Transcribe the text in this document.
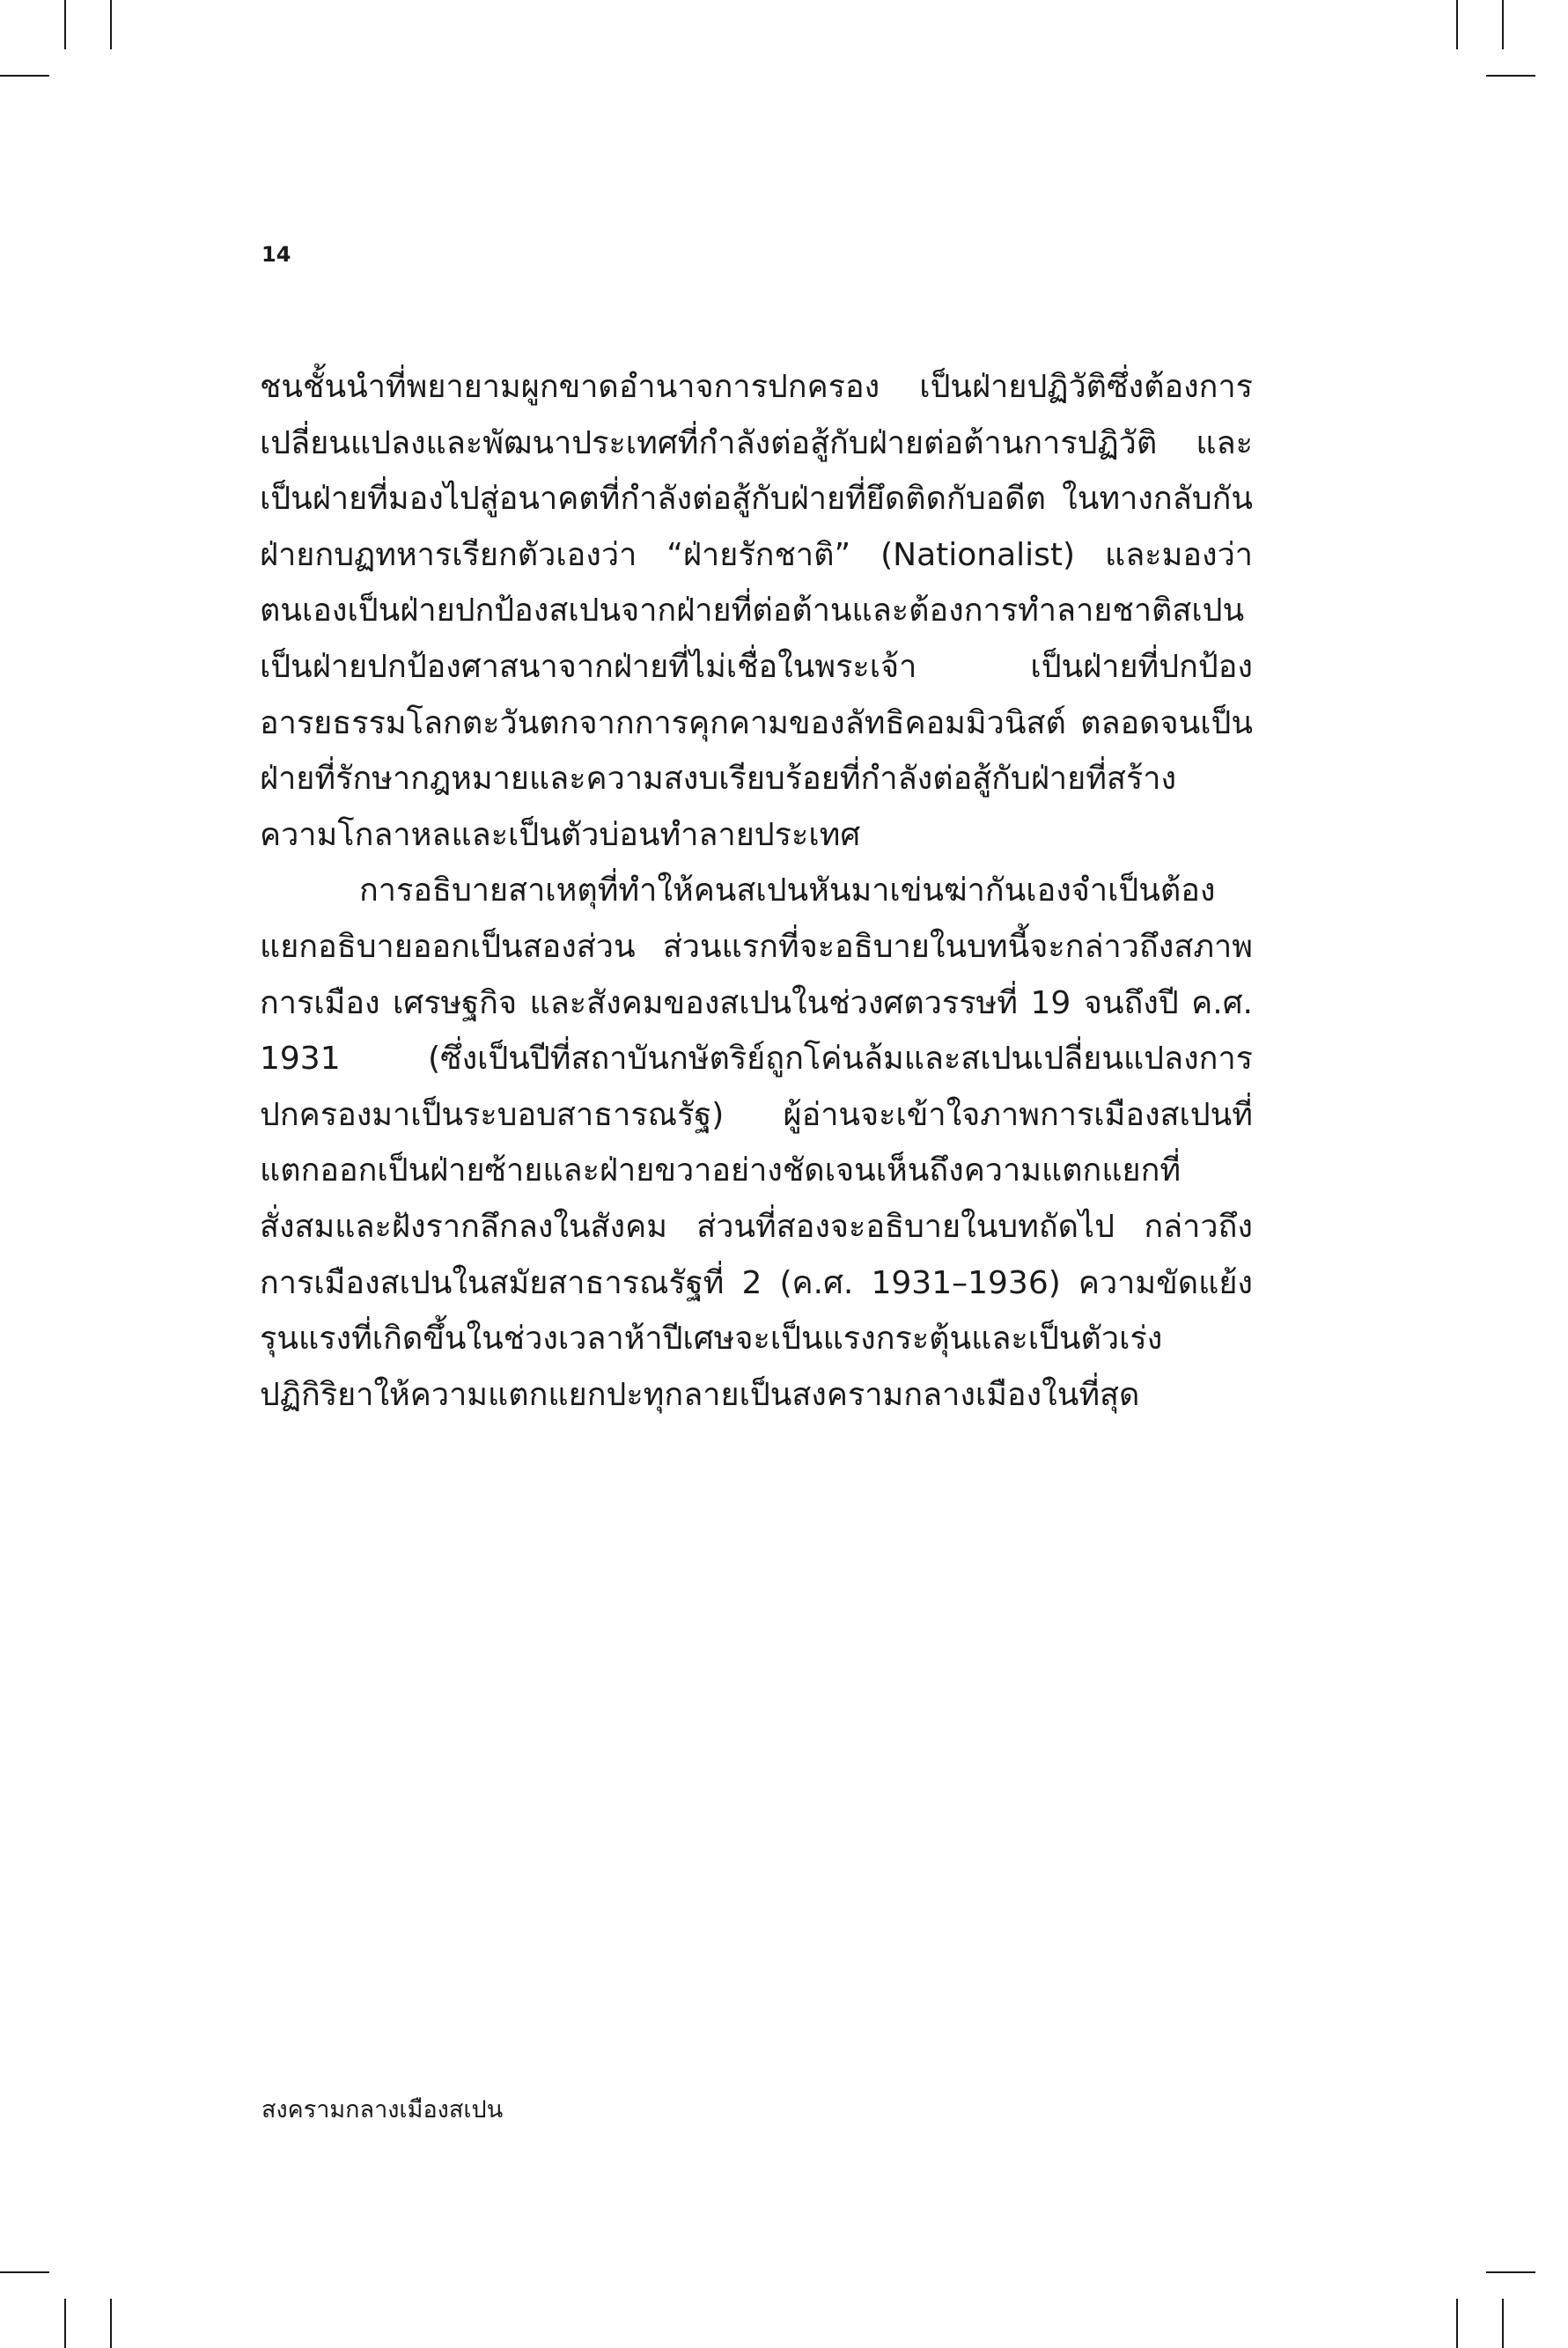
14

ชนชั้นนำที่พยายามผูกขาดอำนาจการปกครอง เป็นฝ่ายปฏิวัติซึ่งต้องการเปลี่ยนแปลงและพัฒนาประเทศที่กำลังต่อสู้กับฝ่ายต่อต้านการปฏิวัติ และเป็นฝ่ายที่มองไปสู่อนาคตที่กำลังต่อสู้กับฝ่ายที่ยึดติดกับอดีต ในทางกลับกัน ฝ่ายกบฏทหารเรียกตัวเองว่า “ฝ่ายรักชาติ” (Nationalist) และมองว่าตนเองเป็นฝ่ายปกป้องสเปนจากฝ่ายที่ต่อต้านและต้องการทำลายชาติสเปน เป็นฝ่ายปกป้องศาสนาจากฝ่ายที่ไม่เชื่อในพระเจ้า เป็นฝ่ายที่ปกป้องอารยธรรมโลกตะวันตกจากการคุกคามของลัทธิคอมมิวนิสต์ ตลอดจนเป็นฝ่ายที่รักษากฎหมายและความสงบเรียบร้อยที่กำลังต่อสู้กับฝ่ายที่สร้างความโกลาหลและเป็นตัวบ่อนทำลายประเทศ

การอธิบายสาเหตุที่ทำให้คนสเปนหันมาเข่นฆ่ากันเองจำเป็นต้องแยกอธิบายออกเป็นสองส่วน ส่วนแรกที่จะอธิบายในบทนี้จะกล่าวถึงสภาพการเมือง เศรษฐกิจ และสังคมของสเปนในช่วงศตวรรษที่ 19 จนถึงปี ค.ศ. 1931 (ซึ่งเป็นปีที่สถาบันกษัตริย์ถูกโค่นล้มและสเปนเปลี่ยนแปลงการปกครองมาเป็นระบอบสาธารณรัฐ) ผู้อ่านจะเข้าใจภาพการเมืองสเปนที่แตกออกเป็นฝ่ายซ้ายและฝ่ายขวาอย่างชัดเจนเห็นถึงความแตกแยกที่สั่งสมและฝังรากลึกลงในสังคม ส่วนที่สองจะอธิบายในบทถัดไป กล่าวถึงการเมืองสเปนในสมัยสาธารณรัฐที่ 2 (ค.ศ. 1931–1936) ความขัดแย้งรุนแรงที่เกิดขึ้นในช่วงเวลาห้าปีเศษจะเป็นแรงกระตุ้นและเป็นตัวเร่งปฏิกิริยาให้ความแตกแยกปะทุกลายเป็นสงครามกลางเมืองในที่สุด

สงครามกลางเมืองสเปน
